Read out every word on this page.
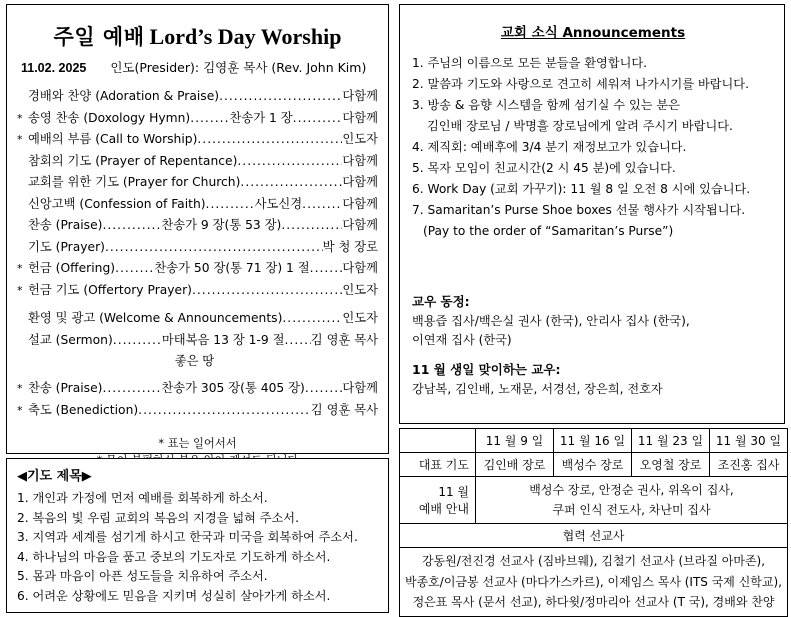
주일 예배 Lord’s Day Worship
11.02. 2025 인도(Presider): 김영훈 목사 (Rev. John Kim)
경배와 찬양 (Adoration & Praise) .....	다함께
* 송영 찬송 (Doxology Hymn) ........ 찬송가 1 장 .....	다함께
* 예배의 부름 (Call to Worship) .....	인도자
참회의 기도 (Prayer of Repentance) .....	다함께
교회를 위한 기도 (Prayer for Church) .....	다함께
신앙고백 (Confession of Faith) .......... 사도신경 .....	다함께
찬송 (Praise) ............ 찬송가 9 장(통 53 장) .....	다함께
기도 (Prayer) .....	박 청 장로
* 헌금 (Offering) ........ 찬송가 50 장(통 71 장) 1 절 .....	다함께
* 헌금 기도 (Offertory Prayer) .....	인도자
환영 및 광고 (Welcome & Announcements) .....	인도자
설교 (Sermon) .......... 마태복음 13 장 1-9 절 ..... 김 영훈 목사
좋은 땅
* 찬송 (Praise) ............ 찬송가 305 장(통 405 장) .....	다함께
* 축도 (Benediction) .....	김 영훈 목사
* 표는 일어서서
◀기도 제목▶
1. 개인과 가정에 먼저 예배를 회복하게 하소서.
2. 복음의 빛 우림 교회의 복음의 지경을 넓혀 주소서.
3. 지역과 세계를 섬기게 하시고 한국과 미국을 회복하여 주소서.
4. 하나님의 마음을 품고 중보의 기도자로 기도하게 하소서.
5. 몸과 마음이 아픈 성도들을 치유하여 주소서.
6. 어려운 상황에도 믿음을 지키며 성실히 살아가게 하소서.
교회 소식 Announcements
1. 주님의 이름으로 모든 분들을 환영합니다.
2. 말씀과 기도와 사랑으로 견고히 세워져 나가시기를 바랍니다.
3. 방송 & 음향 시스템을 함께 섬기실 수 있는 분은
김인배 장로님 / 박명흘 장로님에게 알려 주시기 바랍니다.
4. 제직회: 예배후에 3/4 분기 재정보고가 있습니다.
5. 목자 모임이 친교시간(2 시 45 분)에 있습니다.
6. Work Day (교회 가꾸기): 11 월 8 일 오전 8 시에 있습니다.
7. Samaritan’s Purse Shoe boxes 선물 행사가 시작됩니다.
(Pay to the order of “Samaritan’s Purse”)
교우 동정:
백용즙 집사/백은실 권사 (한국), 안리사 집사 (한국),
이연재 집사 (한국)
11 월 생일 맞이하는 교우:
강남복, 김인배, 노재문, 서경선, 장은희, 전호자
	11 월 9 일	11 월 16 일	11 월 23 일	11 월 30 일
대표 기도	김인배 장로	백성수 장로	오영철 장로	조진홍 집사

11 월
예배 안내

백성수 장로, 안정순 권사, 위옥이 집사,
쿠퍼 인식 전도사, 차난미 집사

협력 선교사				

강동원/전진경 선교사 (짐바브웨), 김철기 선교사 (브라질 아마존),
박종호/이금봉 선교사 (마다가스카르), 이제임스 목사 (ITS 국제 신학교),
정은표 목사 (문서 선교), 하다윗/정마리아 선교사 (T 국), 경배와 찬양				
